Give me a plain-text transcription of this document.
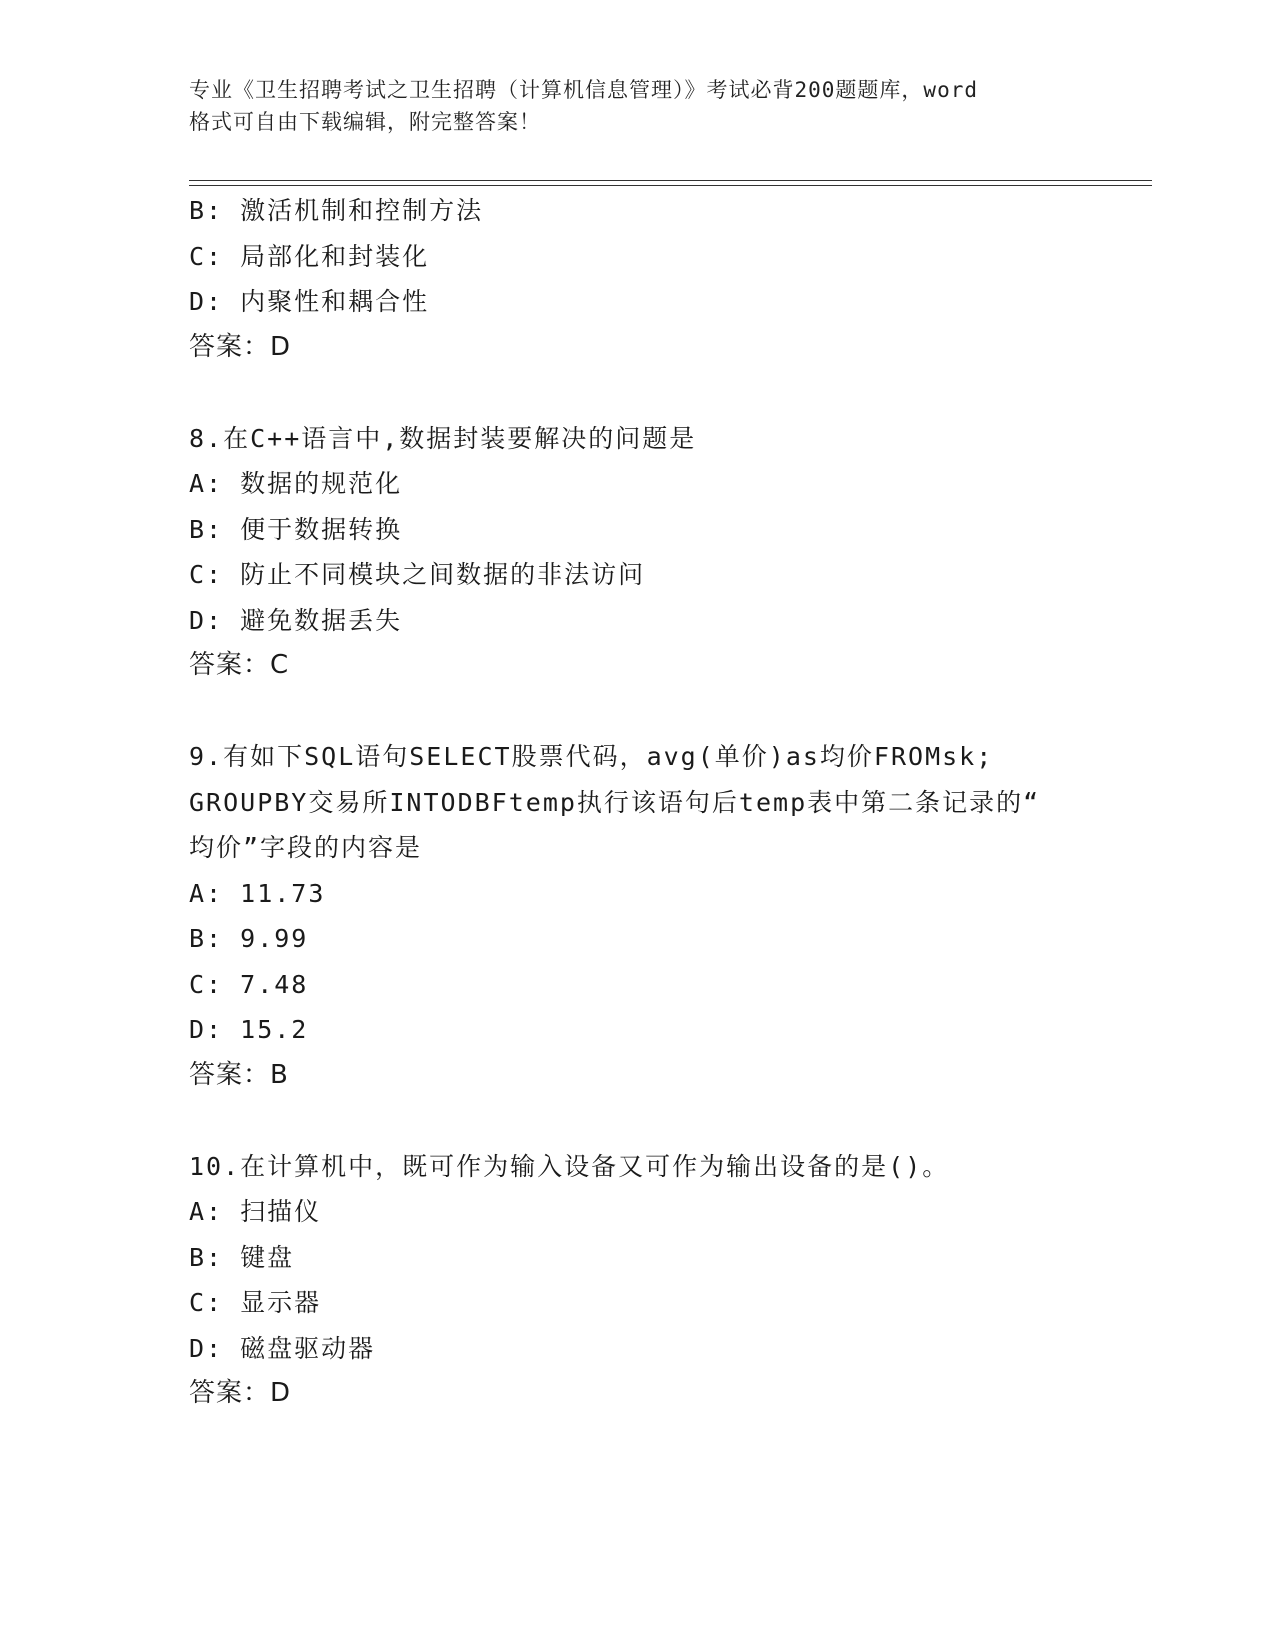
专业《卫生招聘考试之卫生招聘（计算机信息管理）》考试必背200题题库，word
格式可自由下载编辑，附完整答案！
B: 激活机制和控制方法
C: 局部化和封装化
D: 内聚性和耦合性
答案：D
8.在C++语言中,数据封装要解决的问题是
A: 数据的规范化
B: 便于数据转换
C: 防止不同模块之间数据的非法访问
D: 避免数据丢失
答案：C
9.有如下SQL语句SELECT股票代码，avg(单价)as均价FROMsk;
GROUPBY交易所INTODBFtemp执行该语句后temp表中第二条记录的“
均价”字段的内容是
A: 11.73
B: 9.99
C: 7.48
D: 15.2
答案：B
10.在计算机中，既可作为输入设备又可作为输出设备的是()。
A: 扫描仪
B: 键盘
C: 显示器
D: 磁盘驱动器
答案：D
